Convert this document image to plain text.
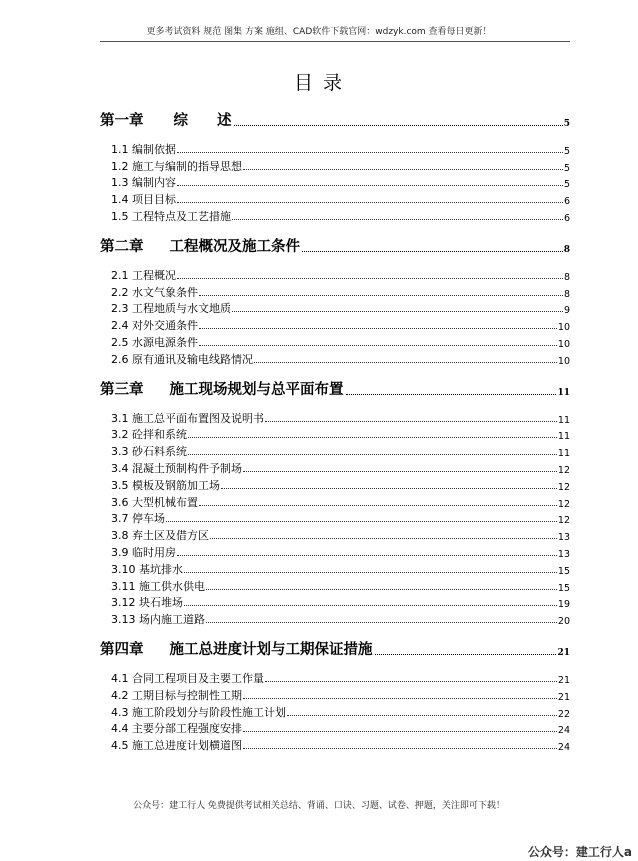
更多考试资料 规范 图集 方案 施组、CAD软件下载官网：wdzyk.com 查看每日更新！
目 录
第一章 综 述	5
1.1 编制依据	5
1.2 施工与编制的指导思想	5
1.3 编制内容	5
1.4 项目目标	6
1.5 工程特点及工艺措施	6
第二章 工程概况及施工条件	8
2.1 工程概况	8
2.2 水文气象条件	8
2.3 工程地质与水文地质	9
2.4 对外交通条件	10
2.5 水源电源条件	10
2.6 原有通讯及输电线路情况	10
第三章 施工现场规划与总平面布置	11
3.1 施工总平面布置图及说明书	11
3.2 砼拌和系统	11
3.3 砂石料系统	11
3.4 混凝土预制构件予制场	12
3.5 模板及钢筋加工场	12
3.6 大型机械布置	12
3.7 停车场	12
3.8 弃土区及借方区	13
3.9 临时用房	13
3.10 基坑排水	15
3.11 施工供水供电	15
3.12 块石堆场	19
3.13 场内施工道路	20
第四章 施工总进度计划与工期保证措施	21
4.1 合同工程项目及主要工作量	21
4.2 工期目标与控制性工期	21
4.3 施工阶段划分与阶段性施工计划	22
4.4 主要分部工程强度安排	24
4.5 施工总进度计划横道图	24
公众号：建工行人 免费提供考试相关总结、背诵、口诀、习题、试卷、押题，关注即可下载！
公众号：建工行人a
